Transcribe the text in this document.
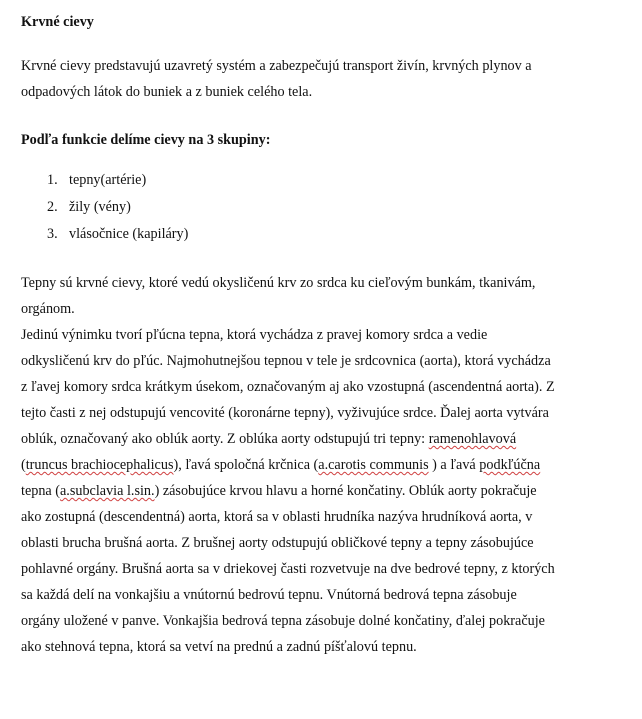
Krvné cievy

Krvné cievy predstavujú uzavretý systém a zabezpečujú transport živín, krvných plynov a

odpadových látok do buniek a z buniek celého tela.

Podľa funkcie delíme cievy na 3 skupiny:

1. tepny(artérie)
2. žily (vény)
3. vlásočnice (kapiláry)

Tepny sú krvné cievy, ktoré vedú okysličenú krv zo srdca ku cieľovým bunkám, tkanivám,

orgánom.

Jedinú výnimku tvorí pľúcna tepna, ktorá vychádza z pravej komory srdca a vedie

odkysličenú krv do pľúc. Najmohutnejšou tepnou v tele je srdcovnica (aorta), ktorá vychádza

z ľavej komory srdca krátkym úsekom, označovaným aj ako vzostupná (ascendentná aorta). Z

tejto časti z nej odstupujú vencovité (koronárne tepny), vyživujúce srdce. Ďalej aorta vytvára

oblúk, označovaný ako oblúk aorty. Z oblúka aorty odstupujú tri tepny: ramenohlavová

(truncus brachiocephalicus), ľavá spoločná krčnica (a.carotis communis ) a ľavá podkľúčna

tepna (a.subclavia l.sin.) zásobujúce krvou hlavu a horné končatiny. Oblúk aorty pokračuje

ako zostupná (descendentná) aorta, ktorá sa v oblasti hrudníka nazýva hrudníková aorta, v

oblasti brucha brušná aorta. Z brušnej aorty odstupujú obličkové tepny a tepny zásobujúce

pohlavné orgány. Brušná aorta sa v driekovej časti rozvetvuje na dve bedrové tepny, z ktorých

sa každá delí na vonkajšiu a vnútornú bedrovú tepnu. Vnútorná bedrová tepna zásobuje

orgány uložené v panve. Vonkajšia bedrová tepna zásobuje dolné končatiny, ďalej pokračuje

ako stehnová tepna, ktorá sa vetví na prednú a zadnú píšťalovú tepnu.
